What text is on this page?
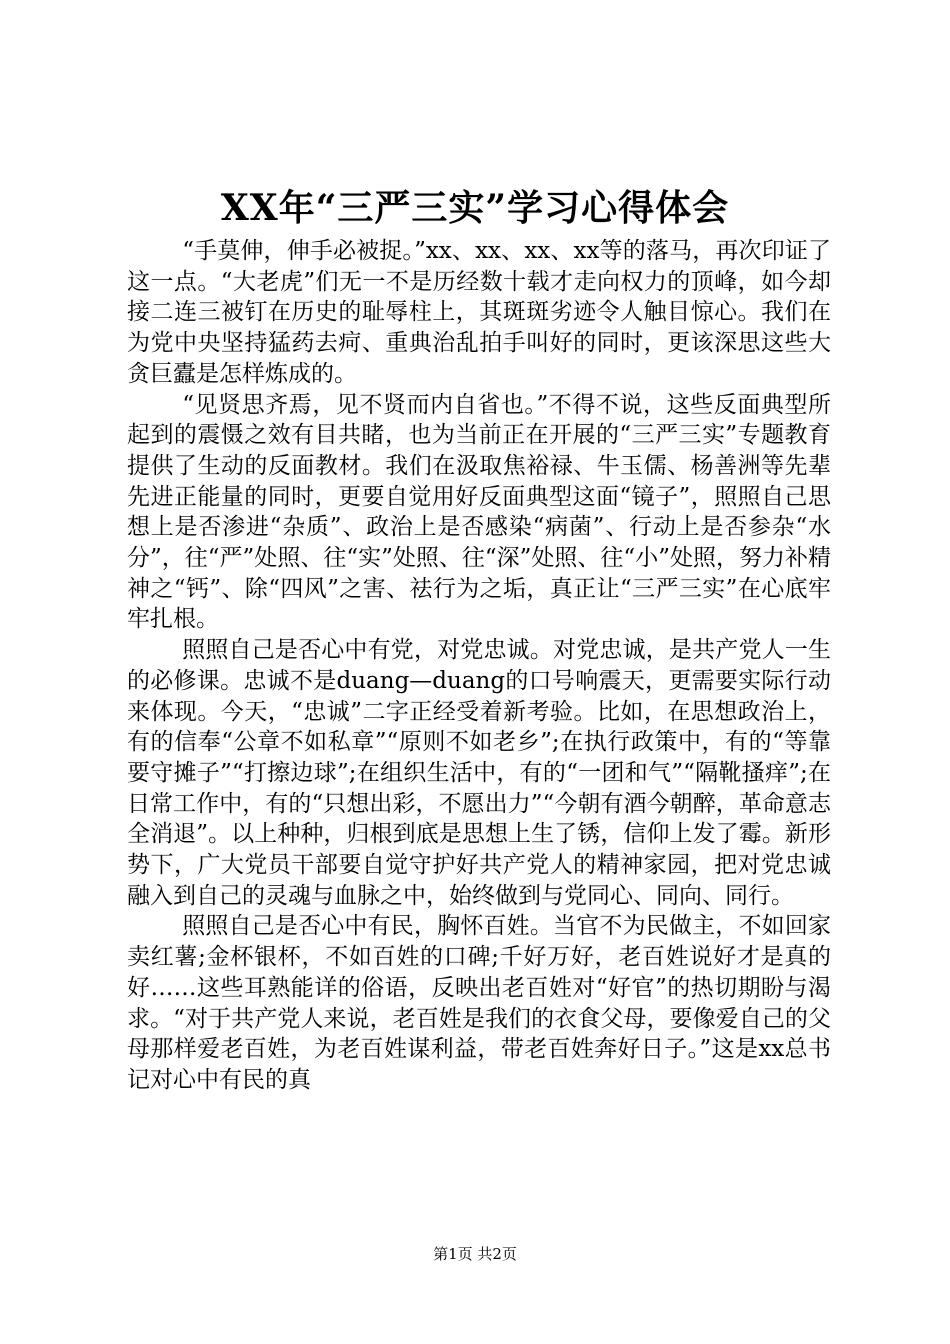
XX年“三严三实”学习心得体会

“手莫伸，伸手必被捉。”xx、xx、xx、xx等的落马，再次印证了这一点。“大老虎”们无一不是历经数十载才走向权力的顶峰，如今却接二连三被钉在历史的耻辱柱上，其斑斑劣迹令人触目惊心。我们在为党中央坚持猛药去疴、重典治乱拍手叫好的同时，更该深思这些大贪巨蠹是怎样炼成的。

“见贤思齐焉，见不贤而内自省也。”不得不说，这些反面典型所起到的震慑之效有目共睹，也为当前正在开展的“三严三实”专题教育提供了生动的反面教材。我们在汲取焦裕禄、牛玉儒、杨善洲等先辈先进正能量的同时，更要自觉用好反面典型这面“镜子”，照照自己思想上是否渗进“杂质”、政治上是否感染“病菌”、行动上是否参杂“水分”，往“严”处照、往“实”处照、往“深”处照、往“小”处照，努力补精神之“钙”、除“四风”之害、祛行为之垢，真正让“三严三实”在心底牢牢扎根。

照照自己是否心中有党，对党忠诚。对党忠诚，是共产党人一生的必修课。忠诚不是duang—duang的口号响震天，更需要实际行动来体现。今天，“忠诚”二字正经受着新考验。比如，在思想政治上，有的信奉“公章不如私章”“原则不如老乡”;在执行政策中，有的“等靠要守摊子”“打擦边球”;在组织生活中，有的“一团和气”“隔靴搔痒”;在日常工作中，有的“只想出彩，不愿出力”“今朝有酒今朝醉，革命意志全消退”。以上种种，归根到底是思想上生了锈，信仰上发了霉。新形势下，广大党员干部要自觉守护好共产党人的精神家园，把对党忠诚融入到自己的灵魂与血脉之中，始终做到与党同心、同向、同行。

照照自己是否心中有民，胸怀百姓。当官不为民做主，不如回家卖红薯;金杯银杯，不如百姓的口碑;千好万好，老百姓说好才是真的好……这些耳熟能详的俗语，反映出老百姓对“好官”的热切期盼与渴求。“对于共产党人来说，老百姓是我们的衣食父母，要像爱自己的父母那样爱老百姓，为老百姓谋利益，带老百姓奔好日子。”这是xx总书记对心中有民的真

第1页 共2页
